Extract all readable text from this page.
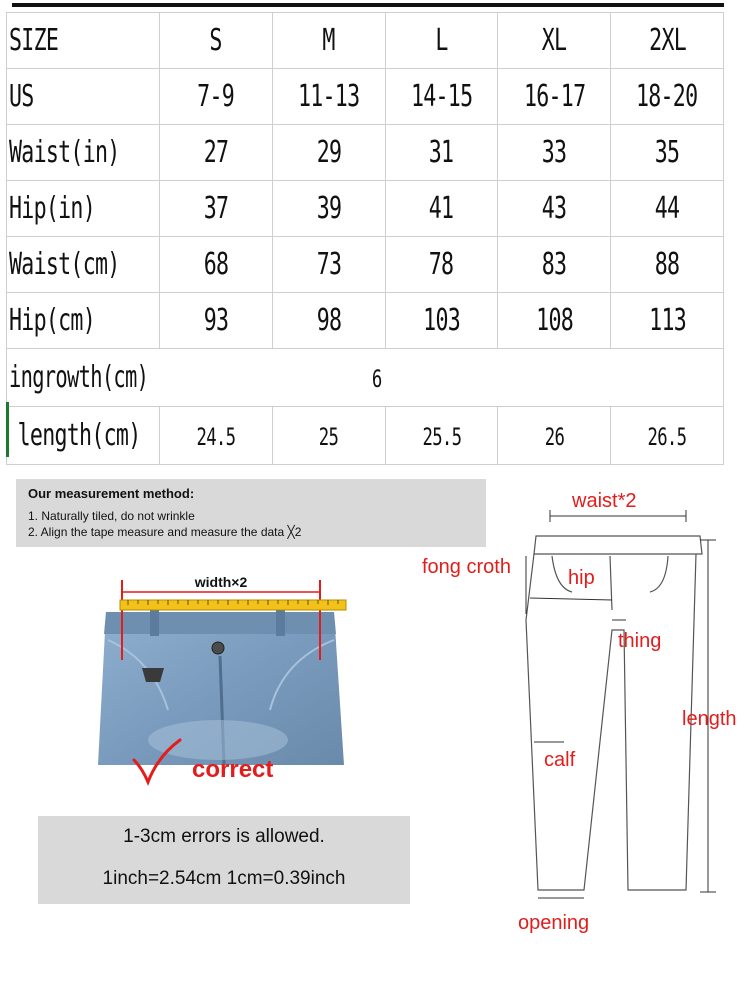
SIZE	S	M	L	XL	2XL
US	7-9	11-13	14-15	16-17	18-20
Waist(in)	27	29	31	33	35
Hip(in)	37	39	41	43	44
Waist(cm)	68	73	78	83	88
Hip(cm)	93	98	103	108	113
ingrowth(cm)	6				
length(cm)	24.5	25	25.5	26	26.5
Our measurement method:
1. Naturally tiled, do not wrinkle
2. Align the tape measure and measure the data ╳2
width×2
correct
1-3cm errors is allowed.
1inch=2.54cm 1cm=0.39inch
waist*2
fong croth	hip
thing
length
calf
opening
